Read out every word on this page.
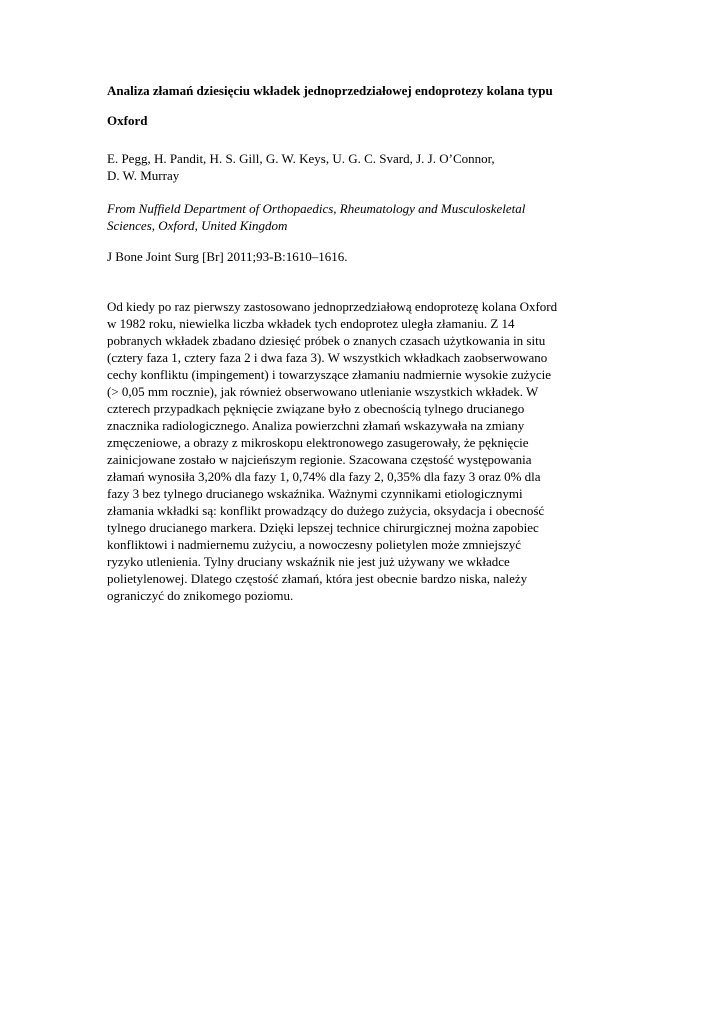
Analiza złamań dziesięciu wkładek jednoprzedziałowej endoprotezy kolana typu
Oxford

E. Pegg, H. Pandit, H. S. Gill, G. W. Keys, U. G. C. Svard, J. J. O’Connor,
D. W. Murray

From Nuffield Department of Orthopaedics, Rheumatology and Musculoskeletal
Sciences, Oxford, United Kingdom

J Bone Joint Surg [Br] 2011;93-B:1610–1616.

Od kiedy po raz pierwszy zastosowano jednoprzedziałową endoprotezę kolana Oxford
w 1982 roku, niewielka liczba wkładek tych endoprotez uległa złamaniu. Z 14
pobranych wkładek zbadano dziesięć próbek o znanych czasach użytkowania in situ
(cztery faza 1, cztery faza 2 i dwa faza 3). W wszystkich wkładkach zaobserwowano
cechy konfliktu (impingement) i towarzyszące złamaniu nadmiernie wysokie zużycie
(> 0,05 mm rocznie), jak również obserwowano utlenianie wszystkich wkładek. W
czterech przypadkach pęknięcie związane było z obecnością tylnego drucianego
znacznika radiologicznego. Analiza powierzchni złamań wskazywała na zmiany
zmęczeniowe, a obrazy z mikroskopu elektronowego zasugerowały, że pęknięcie
zainicjowane zostało w najcieńszym regionie. Szacowana częstość występowania
złamań wynosiła 3,20% dla fazy 1, 0,74% dla fazy 2, 0,35% dla fazy 3 oraz 0% dla
fazy 3 bez tylnego drucianego wskaźnika. Ważnymi czynnikami etiologicznymi
złamania wkładki są: konflikt prowadzący do dużego zużycia, oksydacja i obecność
tylnego drucianego markera. Dzięki lepszej technice chirurgicznej można zapobiec
konfliktowi i nadmiernemu zużyciu, a nowoczesny polietylen może zmniejszyć
ryzyko utlenienia. Tylny druciany wskaźnik nie jest już używany we wkładce
polietylenowej. Dlatego częstość złamań, która jest obecnie bardzo niska, należy
ograniczyć do znikomego poziomu.
